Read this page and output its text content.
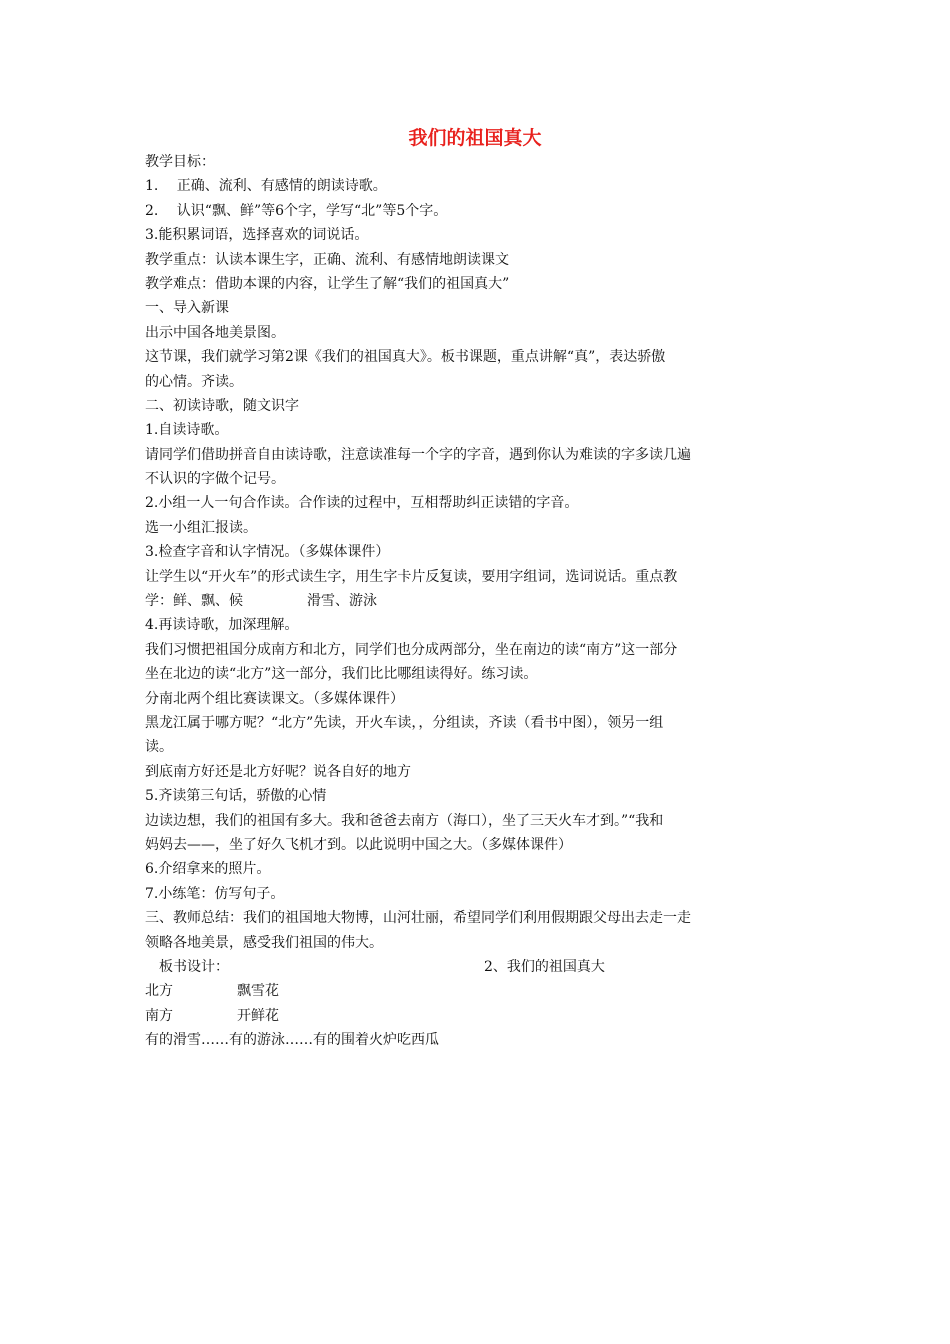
我们的祖国真大
教学目标：
1.　 正确、流利、有感情的朗读诗歌。
2.　 认识“飘、鲜”等6个字，学写“北”等5个字。
3.能积累词语，选择喜欢的词说话。
教学重点：认读本课生字，正确、流利、有感情地朗读课文
教学难点：借助本课的内容，让学生了解“我们的祖国真大”
一、导入新课
出示中国各地美景图。
这节课，我们就学习第2课《我们的祖国真大》。板书课题，重点讲解“真”，表达骄傲
的心情。齐读。
二、初读诗歌，随文识字
1.自读诗歌。
请同学们借助拼音自由读诗歌，注意读准每一个字的字音，遇到你认为难读的字多读几遍
不认识的字做个记号。
2.小组一人一句合作读。合作读的过程中，互相帮助纠正读错的字音。
选一小组汇报读。
3.检查字音和认字情况。（多媒体课件）
让学生以“开火车”的形式读生字，用生字卡片反复读，要用字组词，选词说话。重点教
学：鲜、飘、候	滑雪、游泳
4.再读诗歌，加深理解。
我们习惯把祖国分成南方和北方，同学们也分成两部分，坐在南边的读“南方”这一部分
坐在北边的读“北方”这一部分，我们比比哪组读得好。练习读。
分南北两个组比赛读课文。（多媒体课件）
黑龙江属于哪方呢？“北方”先读，开火车读，，分组读，齐读（看书中图），领另一组
读。
到底南方好还是北方好呢？说各自好的地方
5.齐读第三句话，骄傲的心情
边读边想，我们的祖国有多大。我和爸爸去南方（海口），坐了三天火车才到。”“我和
妈妈去——，坐了好久飞机才到。以此说明中国之大。（多媒体课件）
6.介绍拿来的照片。
7.小练笔：仿写句子。
三、教师总结：我们的祖国地大物博，山河壮丽，希望同学们利用假期跟父母出去走一走
领略各地美景，感受我们祖国的伟大。
板书设计：	2、我们的祖国真大
北方	飘雪花
南方	开鲜花
有的滑雪……有的游泳……有的围着火炉吃西瓜
